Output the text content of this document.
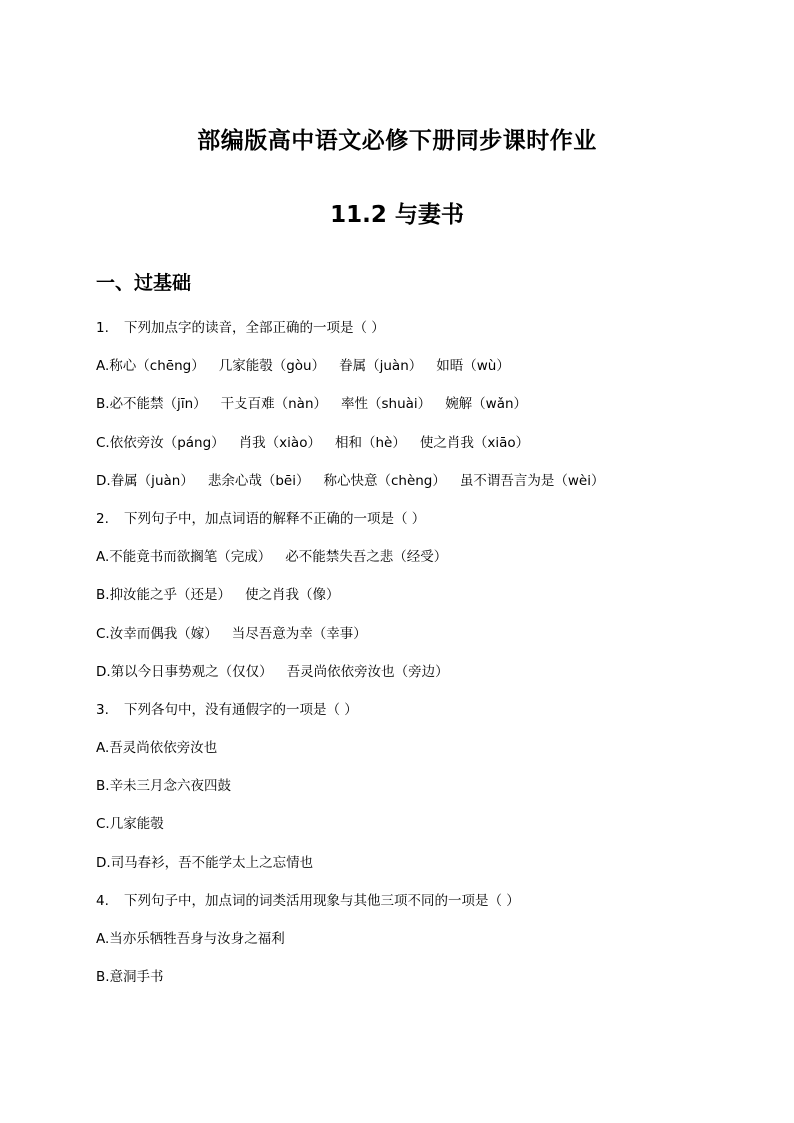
部编版高中语文必修下册同步课时作业
11.2 与妻书
一、过基础
1. 下列加点字的读音，全部正确的一项是（ ）
A.称心（chēng） 几家能彀（gòu） 眷属（juàn） 如晤（wù）
B.必不能禁（jīn） 干攴百难（nàn） 率性（shuài） 婉解（wǎn）
C.依依旁汝（páng） 肖我（xiào） 相和（hè） 使之肖我（xiāo）
D.眷属（juàn） 悲余心哉（bēi） 称心快意（chèng） 虽不谓吾言为是（wèi）
2. 下列句子中，加点词语的解释不正确的一项是（ ）
A.不能竟书而欲搁笔（完成） 必不能禁失吾之悲（经受）
B.抑汝能之乎（还是） 使之肖我（像）
C.汝幸而偶我（嫁） 当尽吾意为幸（幸事）
D.第以今日事势观之（仅仅） 吾灵尚依依旁汝也（旁边）
3. 下列各句中，没有通假字的一项是（ ）
A.吾灵尚依依旁汝也
B.辛未三月念六夜四鼓
C.几家能彀
D.司马春衫，吾不能学太上之忘情也
4. 下列句子中，加点词的词类活用现象与其他三项不同的一项是（ ）
A.当亦乐牺牲吾身与汝身之福利
B.意洞手书
